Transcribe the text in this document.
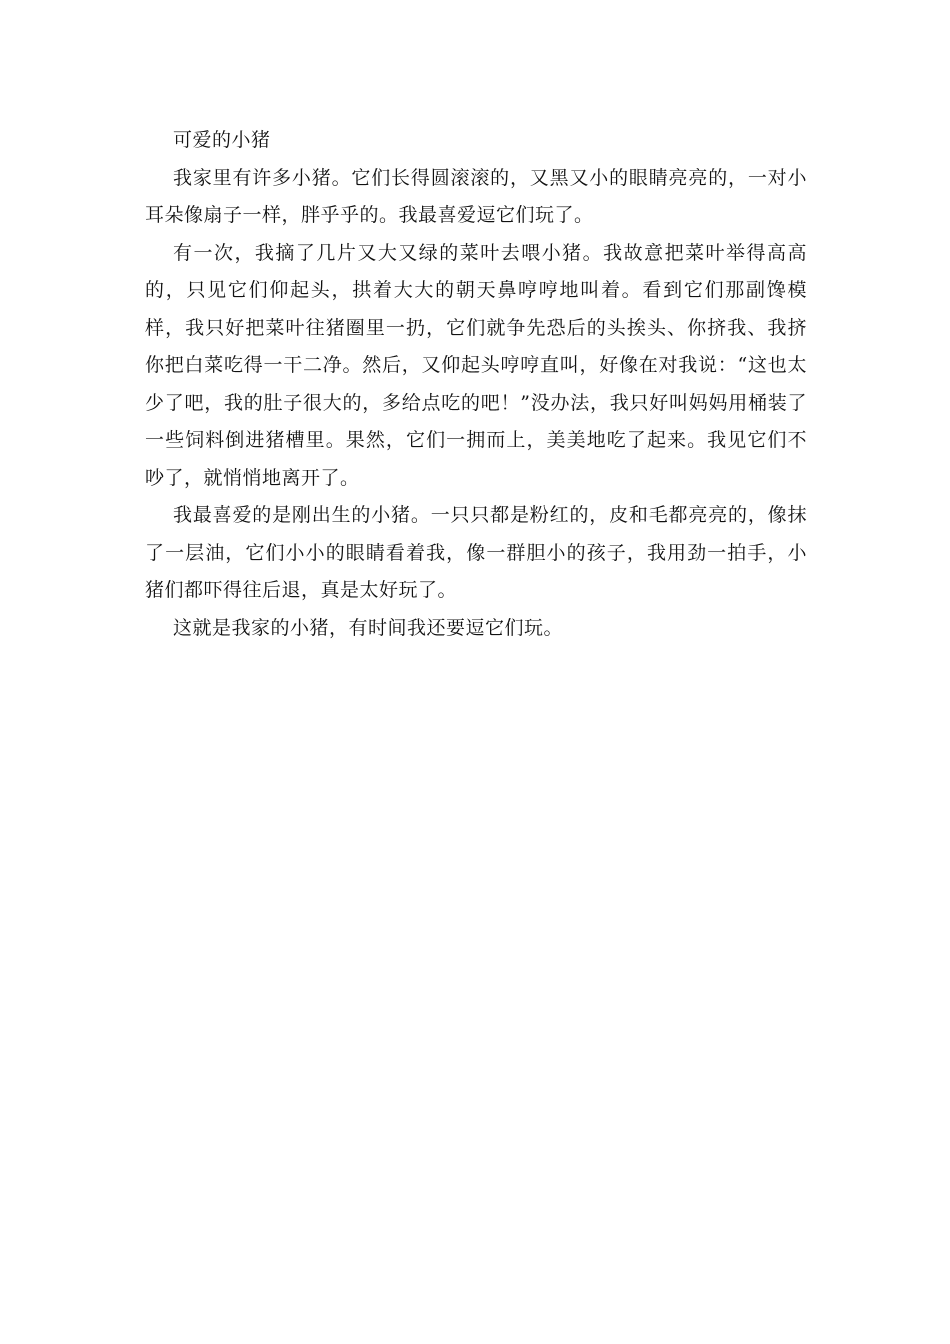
可爱的小猪

我家里有许多小猪。它们长得圆滚滚的，又黑又小的眼睛亮亮的，一对小耳朵像扇子一样，胖乎乎的。我最喜爱逗它们玩了。

有一次，我摘了几片又大又绿的菜叶去喂小猪。我故意把菜叶举得高高的，只见它们仰起头，拱着大大的朝天鼻哼哼地叫着。看到它们那副馋模样，我只好把菜叶往猪圈里一扔，它们就争先恐后的头挨头、你挤我、我挤你把白菜吃得一干二净。然后，又仰起头哼哼直叫，好像在对我说：“这也太少了吧，我的肚子很大的，多给点吃的吧！”没办法，我只好叫妈妈用桶装了一些饲料倒进猪槽里。果然，它们一拥而上，美美地吃了起来。我见它们不吵了，就悄悄地离开了。

我最喜爱的是刚出生的小猪。一只只都是粉红的，皮和毛都亮亮的，像抹了一层油，它们小小的眼睛看着我，像一群胆小的孩子，我用劲一拍手，小猪们都吓得往后退，真是太好玩了。

这就是我家的小猪，有时间我还要逗它们玩。
